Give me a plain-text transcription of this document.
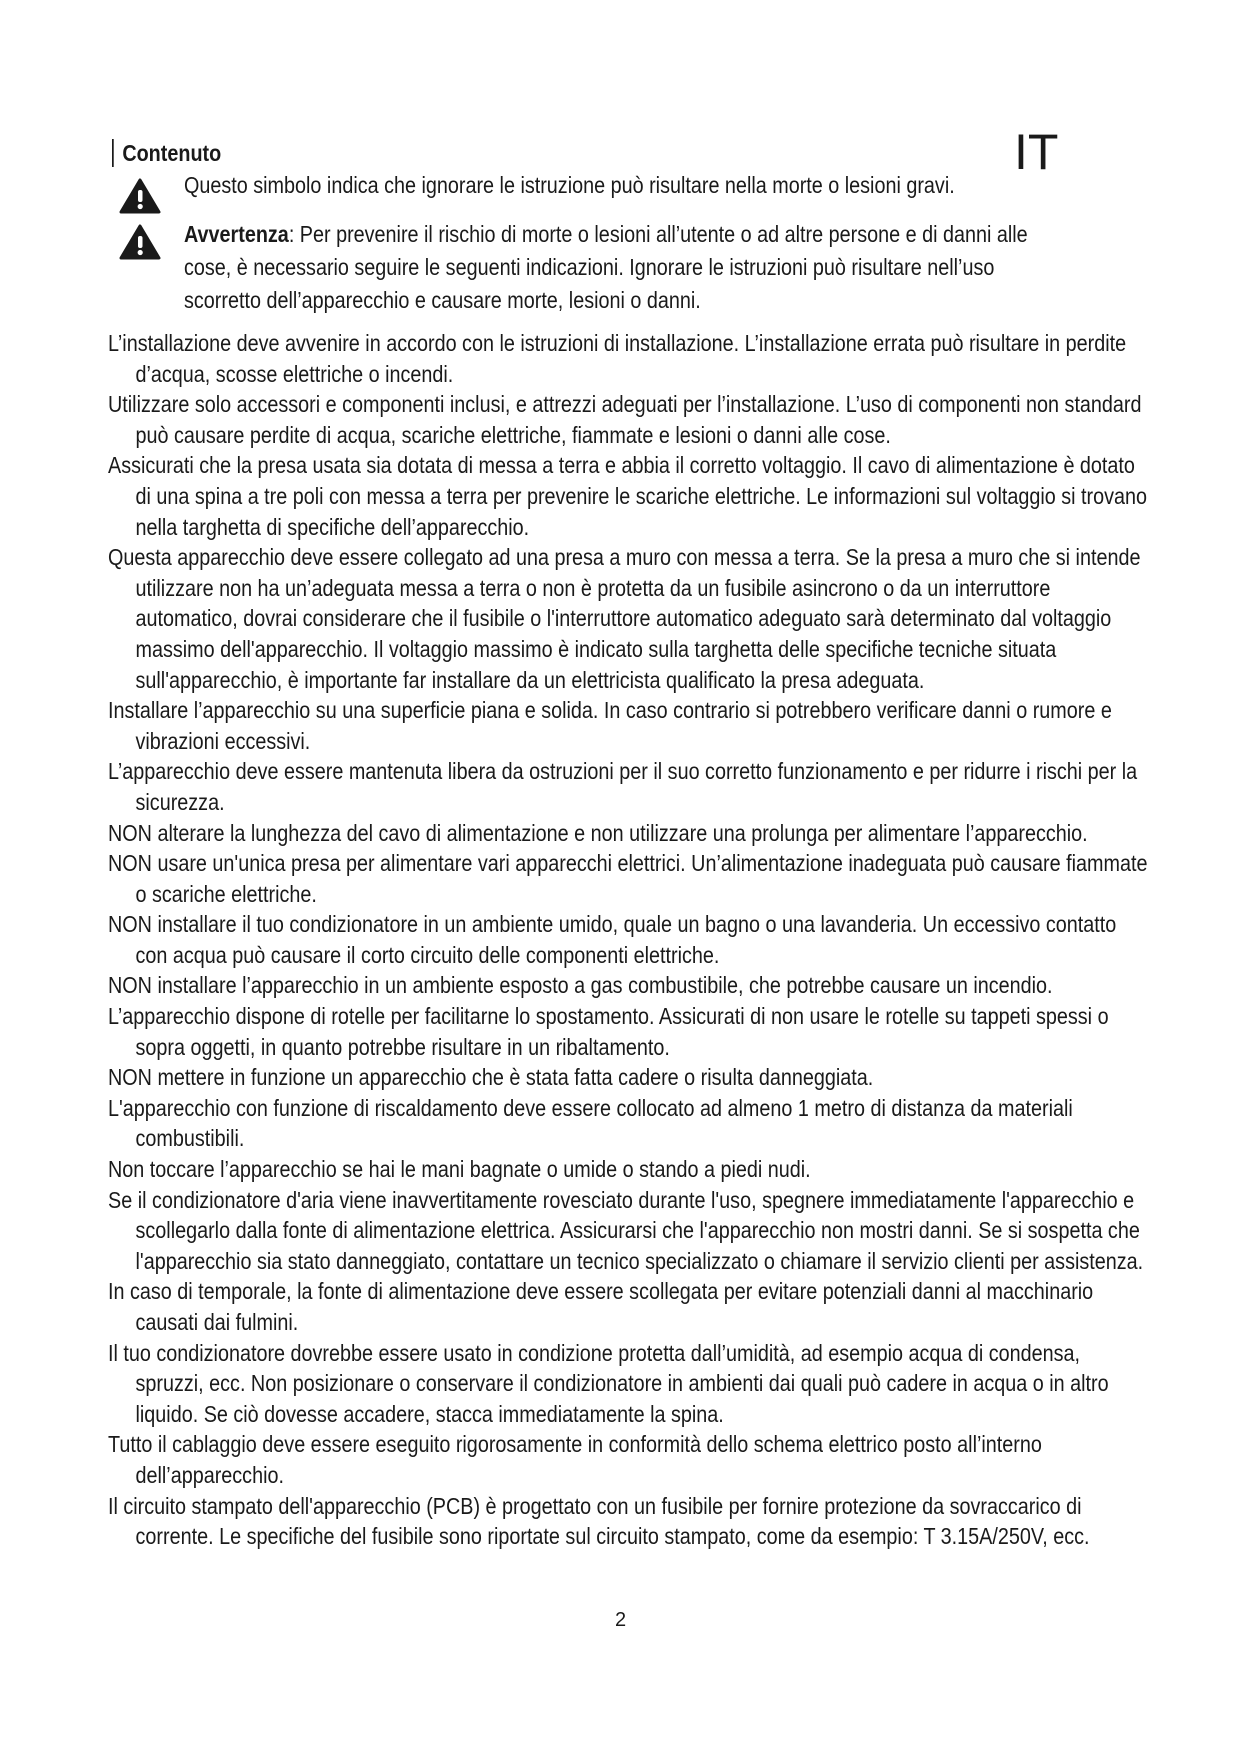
Contenuto	IT
Questo simbolo indica che ignorare le istruzione può risultare nella morte o lesioni gravi.
Avvertenza: Per prevenire il rischio di morte o lesioni all’utente o ad altre persone e di danni alle cose, è necessario seguire le seguenti indicazioni. Ignorare le istruzioni può risultare nell’uso scorretto dell’apparecchio e causare morte, lesioni o danni.
L’installazione deve avvenire in accordo con le istruzioni di installazione. L’installazione errata può risultare in perdite d’acqua, scosse elettriche o incendi.
Utilizzare solo accessori e componenti inclusi, e attrezzi adeguati per l’installazione. L’uso di componenti non standard può causare perdite di acqua, scariche elettriche, fiammate e lesioni o danni alle cose.
Assicurati che la presa usata sia dotata di messa a terra e abbia il corretto voltaggio. Il cavo di alimentazione è dotato di una spina a tre poli con messa a terra per prevenire le scariche elettriche. Le informazioni sul voltaggio si trovano nella targhetta di specifiche dell’apparecchio.
Questa apparecchio deve essere collegato ad una presa a muro con messa a terra. Se la presa a muro che si intende utilizzare non ha un’adeguata messa a terra o non è protetta da un fusibile asincrono o da un interruttore automatico, dovrai considerare che il fusibile o l'interruttore automatico adeguato sarà determinato dal voltaggio massimo dell'apparecchio. Il voltaggio massimo è indicato sulla targhetta delle specifiche tecniche situata sull'apparecchio, è importante far installare da un elettricista qualificato la presa adeguata.
Installare l’apparecchio su una superficie piana e solida. In caso contrario si potrebbero verificare danni o rumore e vibrazioni eccessivi.
L’apparecchio deve essere mantenuta libera da ostruzioni per il suo corretto funzionamento e per ridurre i rischi per la sicurezza.
NON alterare la lunghezza del cavo di alimentazione e non utilizzare una prolunga per alimentare l’apparecchio.
NON usare un'unica presa per alimentare vari apparecchi elettrici. Un’alimentazione inadeguata può causare fiammate o scariche elettriche.
NON installare il tuo condizionatore in un ambiente umido, quale un bagno o una lavanderia. Un eccessivo contatto con acqua può causare il corto circuito delle componenti elettriche.
NON installare l’apparecchio in un ambiente esposto a gas combustibile, che potrebbe causare un incendio.
L’apparecchio dispone di rotelle per facilitarne lo spostamento. Assicurati di non usare le rotelle su tappeti spessi o sopra oggetti, in quanto potrebbe risultare in un ribaltamento.
NON mettere in funzione un apparecchio che è stata fatta cadere o risulta danneggiata.
L'apparecchio con funzione di riscaldamento deve essere collocato ad almeno 1 metro di distanza da materiali combustibili.
Non toccare l’apparecchio se hai le mani bagnate o umide o stando a piedi nudi.
Se il condizionatore d'aria viene inavvertitamente rovesciato durante l'uso, spegnere immediatamente l'apparecchio e scollegarlo dalla fonte di alimentazione elettrica. Assicurarsi che l'apparecchio non mostri danni. Se si sospetta che l'apparecchio sia stato danneggiato, contattare un tecnico specializzato o chiamare il servizio clienti per assistenza.
In caso di temporale, la fonte di alimentazione deve essere scollegata per evitare potenziali danni al macchinario causati dai fulmini.
Il tuo condizionatore dovrebbe essere usato in condizione protetta dall’umidità, ad esempio acqua di condensa, spruzzi, ecc. Non posizionare o conservare il condizionatore in ambienti dai quali può cadere in acqua o in altro liquido. Se ciò dovesse accadere, stacca immediatamente la spina.
Tutto il cablaggio deve essere eseguito rigorosamente in conformità dello schema elettrico posto all’interno dell’apparecchio.
Il circuito stampato dell'apparecchio (PCB) è progettato con un fusibile per fornire protezione da sovraccarico di corrente. Le specifiche del fusibile sono riportate sul circuito stampato, come da esempio: T 3.15A/250V, ecc.
2
